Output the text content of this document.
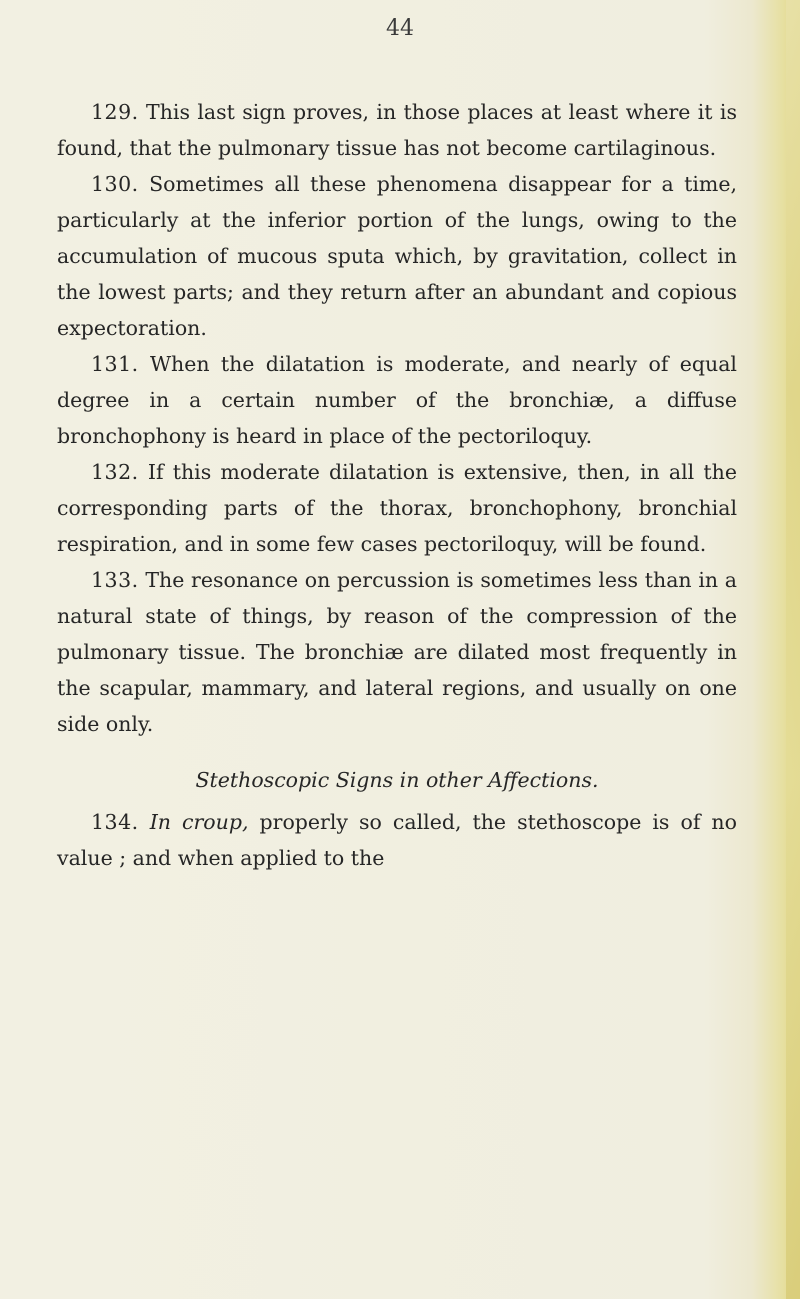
44

129. This last sign proves, in those places at least where it is found, that the pulmonary tissue has not become cartilaginous.

130. Sometimes all these phenomena disappear for a time, particularly at the inferior portion of the lungs, owing to the accumulation of mucous sputa which, by gravitation, collect in the lowest parts; and they return after an abundant and copious expectoration.

131. When the dilatation is moderate, and nearly of equal degree in a certain number of the bronchiæ, a diffuse bronchophony is heard in place of the pectoriloquy.

132. If this moderate dilatation is extensive, then, in all the corresponding parts of the thorax, bronchophony, bronchial respiration, and in some few cases pectoriloquy, will be found.

133. The resonance on percussion is sometimes less than in a natural state of things, by reason of the compression of the pulmonary tissue. The bronchiæ are dilated most frequently in the scapular, mammary, and lateral regions, and usually on one side only.

Stethoscopic Signs in other Affections.

134. In croup, properly so called, the stethoscope is of no value ; and when applied to the
